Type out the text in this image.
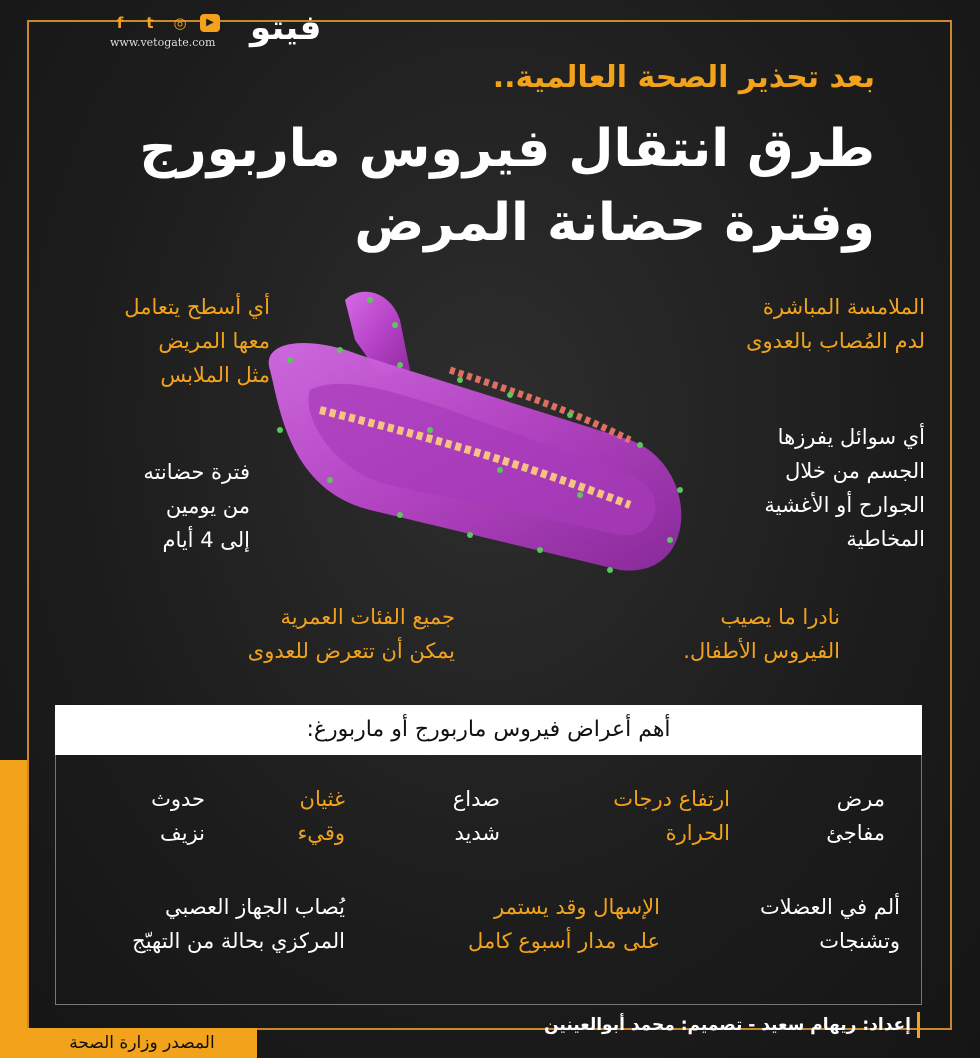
f	t	◎	▶
www.vetogate.com فيتو
بعد تحذير الصحة العالمية..
طرق انتقال فيروس ماربورج
وفترة حضانة المرض
الملامسة المباشرة
لدم المُصاب بالعدوى
أي سوائل يفرزها
الجسم من خلال
الجوارح أو الأغشية
المخاطية
نادرا ما يصيب
الفيروس الأطفال.
أي أسطح يتعامل
معها المريض
مثل الملابس
فترة حضانته
من يومين
إلى 4 أيام
جميع الفئات العمرية
يمكن أن تتعرض للعدوى
أهم أعراض فيروس ماربورج أو ماربورغ:
مرض
مفاجئ
ارتفاع درجات
الحرارة
صداع
شديد
غثيان
وقيء
حدوث
نزيف
ألم في العضلات
وتشنجات
الإسهال وقد يستمر
على مدار أسبوع كامل
يُصاب الجهاز العصبي
المركزي بحالة من التهيّج
إعداد: ريهام سعيد - تصميم: محمد أبوالعينين
المصدر وزارة الصحة
